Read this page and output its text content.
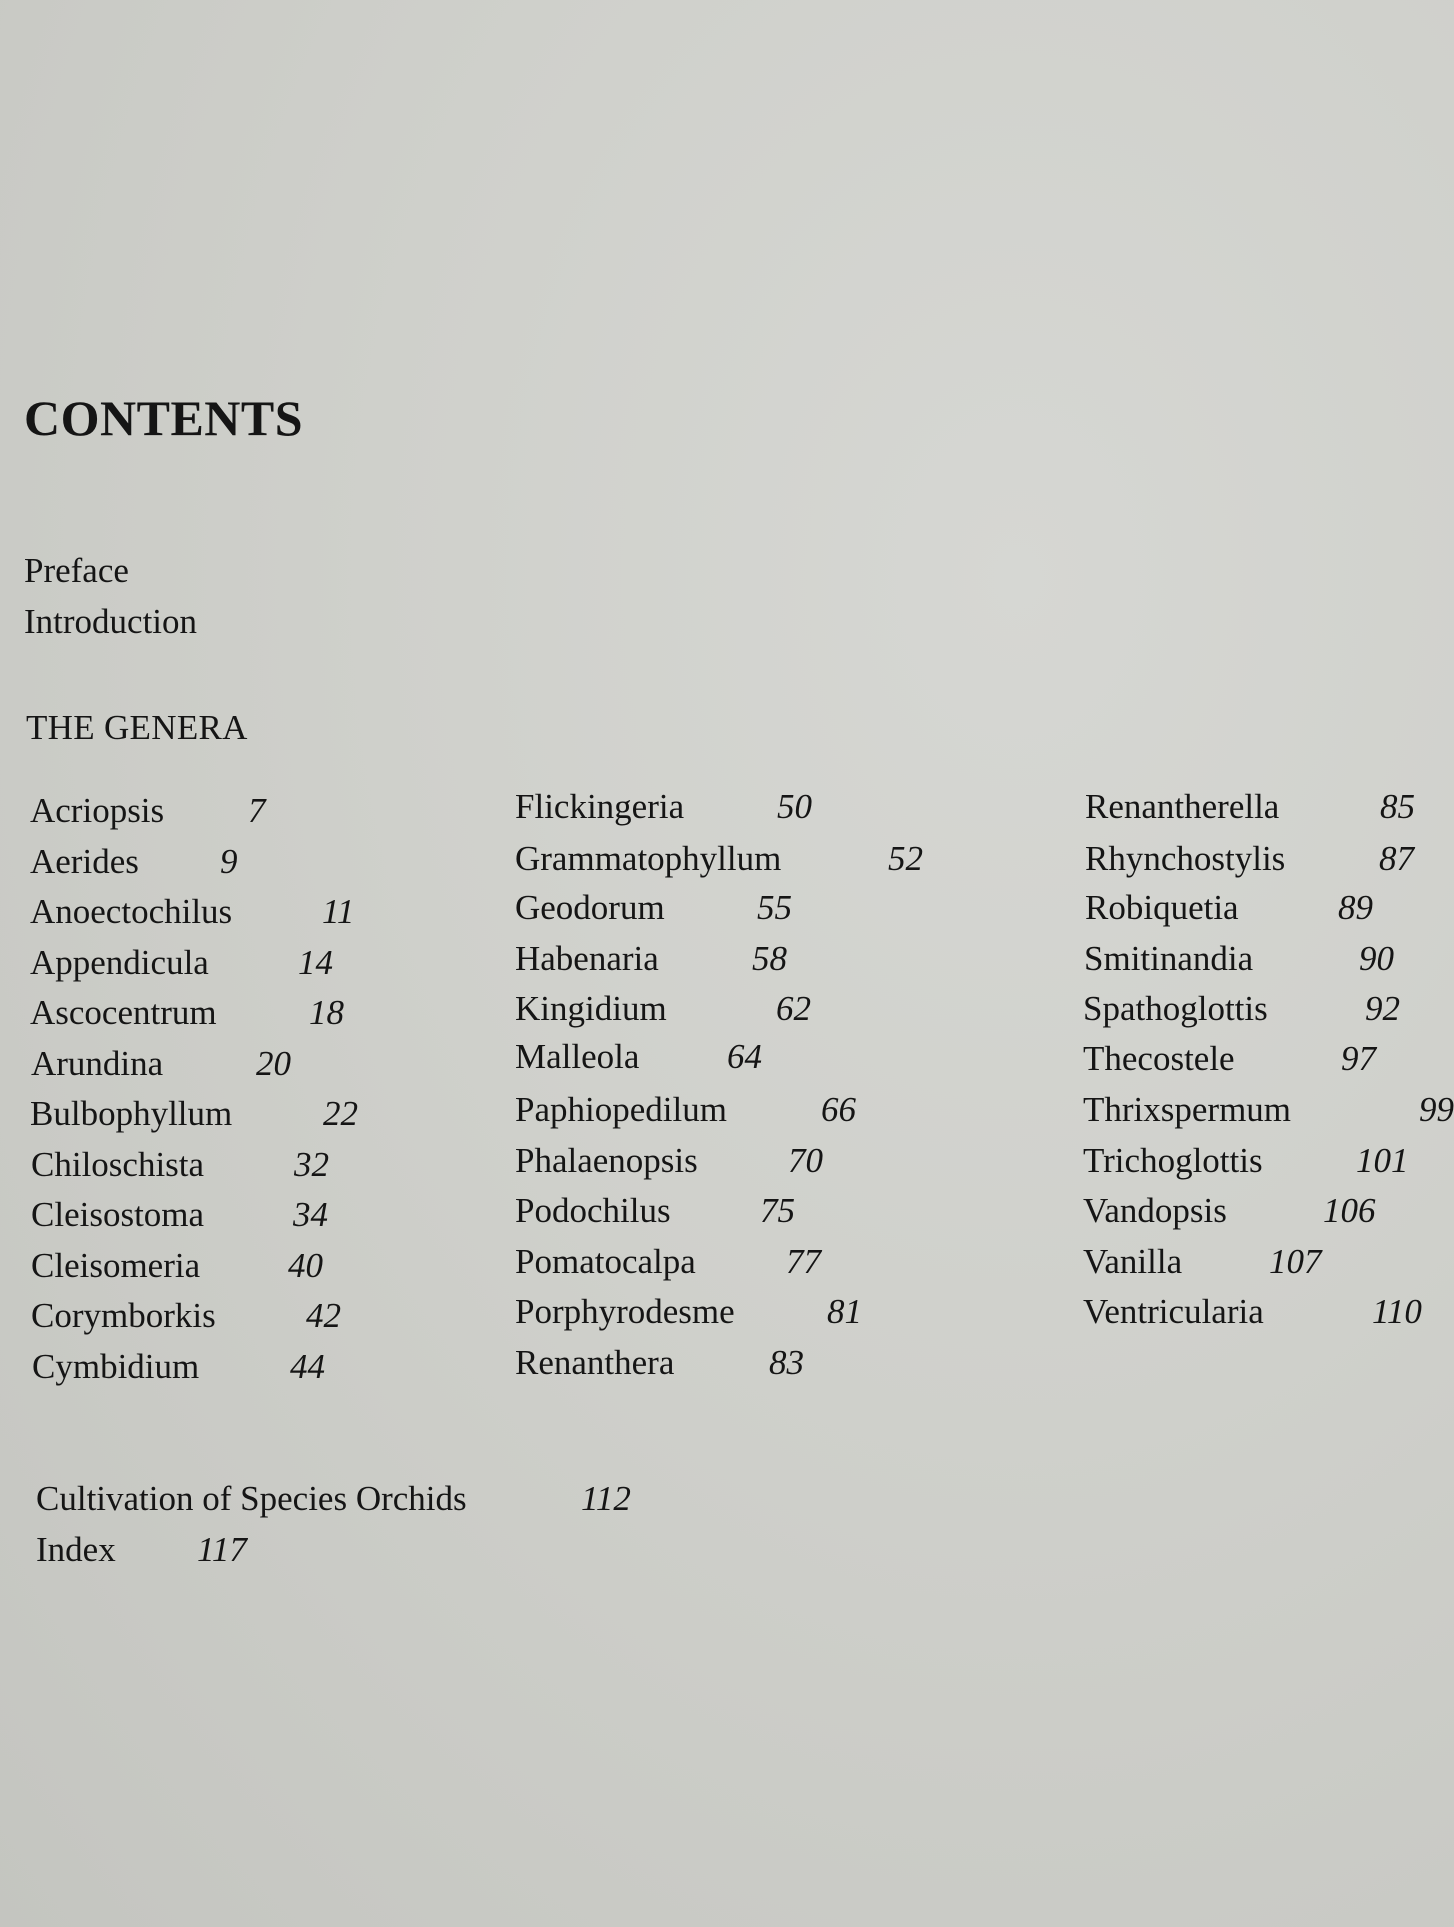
CONTENTS
Preface
Introduction
THE GENERA
Acriopsis 7
Aerides 9
Anoectochilus	11
Appendicula	14
Ascocentrum	18
Arundina	20
Bulbophyllum	22
Chiloschista	32
Cleisostoma	34
Cleisomeria	40
Corymborkis	42
Cymbidium	44
Flickingeria	50
Grammatophyllum	52
Geodorum	55
Habenaria	58
Kingidium	62
Malleola	64
Paphiopedilum	66
Phalaenopsis	70
Podochilus	75
Pomatocalpa	77
Porphyrodesme	81
Renanthera	83
Renantherella	85
Rhynchostylis	87
Robiquetia	89
Smitinandia	90
Spathoglottis	92
Thecostele	97
Thrixspermum	99
Trichoglottis	101
Vandopsis	106
Vanilla 107
Ventricularia	110
Cultivation of Species Orchids	112
Index 117
